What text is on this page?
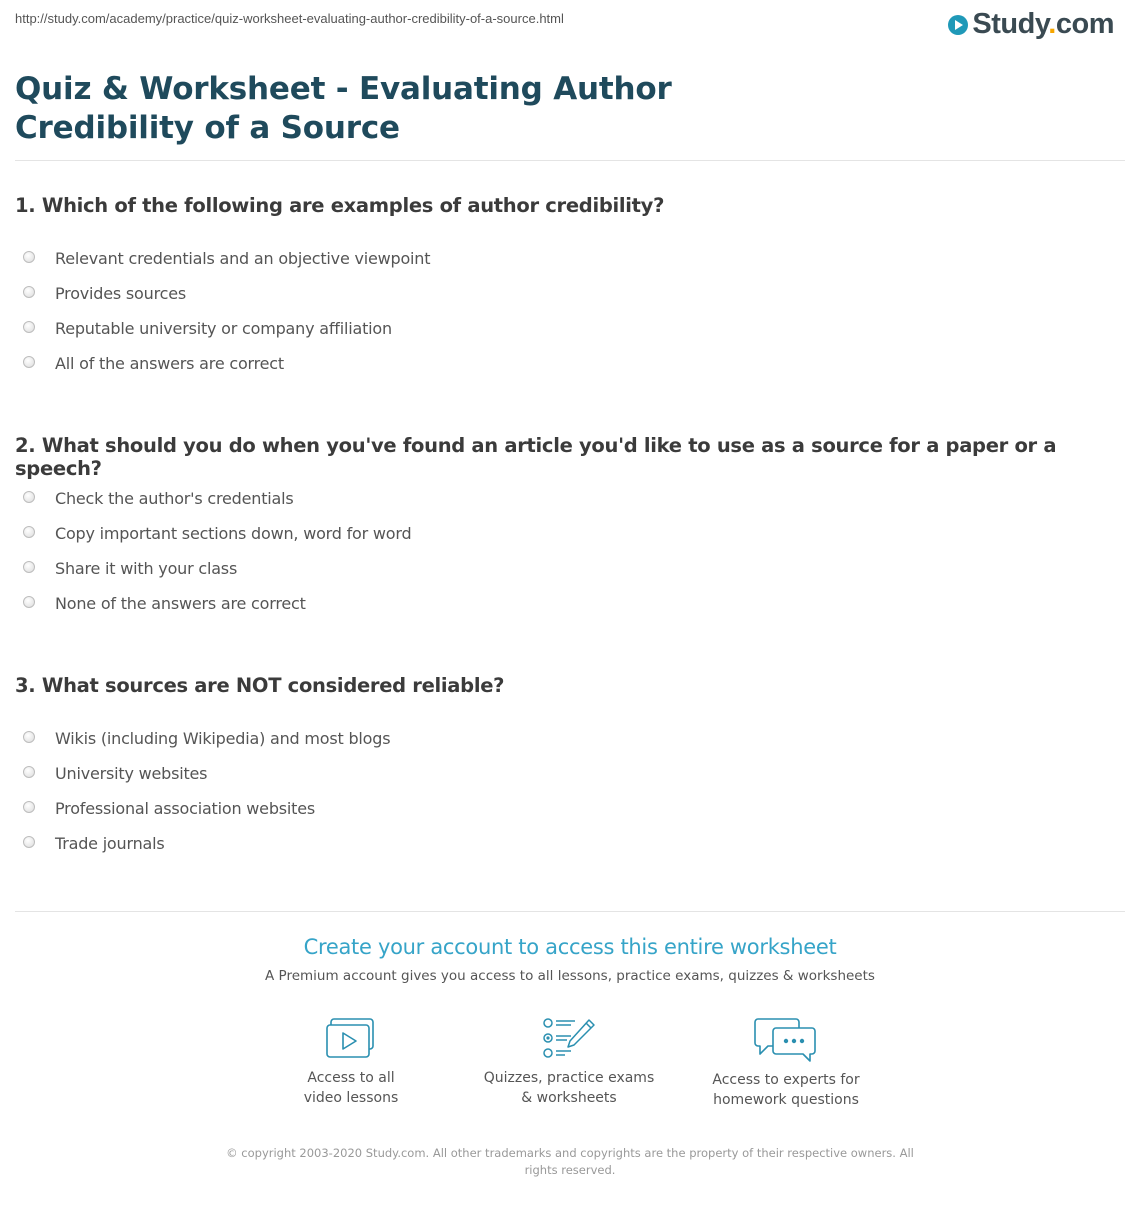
http://study.com/academy/practice/quiz-worksheet-evaluating-author-credibility-of-a-source.html	Study.com
Quiz & Worksheet - Evaluating Author Credibility of a Source
1. Which of the following are examples of author credibility?
Relevant credentials and an objective viewpoint
Provides sources
Reputable university or company affiliation
All of the answers are correct
2. What should you do when you've found an article you'd like to use as a source for a paper or a speech?
Check the author's credentials
Copy important sections down, word for word
Share it with your class
None of the answers are correct
3. What sources are NOT considered reliable?
Wikis (including Wikipedia) and most blogs
University websites
Professional association websites
Trade journals
Create your account to access this entire worksheet
A Premium account gives you access to all lessons, practice exams, quizzes & worksheets
Access to all
video lessons
Quizzes, practice exams
& worksheets
Access to experts for
homework questions
© copyright 2003-2020 Study.com. All other trademarks and copyrights are the property of their respective owners. All rights reserved.
